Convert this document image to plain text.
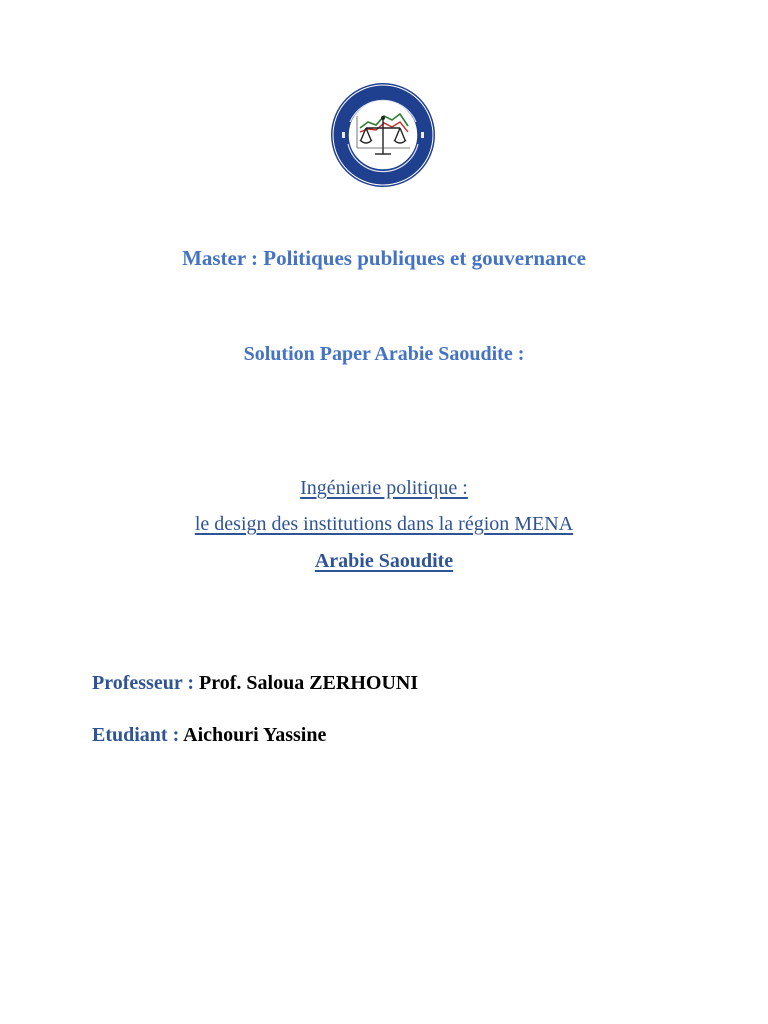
Master : Politiques publiques et gouvernance
Solution Paper Arabie Saoudite :
Ingénierie politique :
le design des institutions dans la région MENA
Arabie Saoudite
Professeur : Prof. Saloua ZERHOUNI
Etudiant : Aichouri Yassine
